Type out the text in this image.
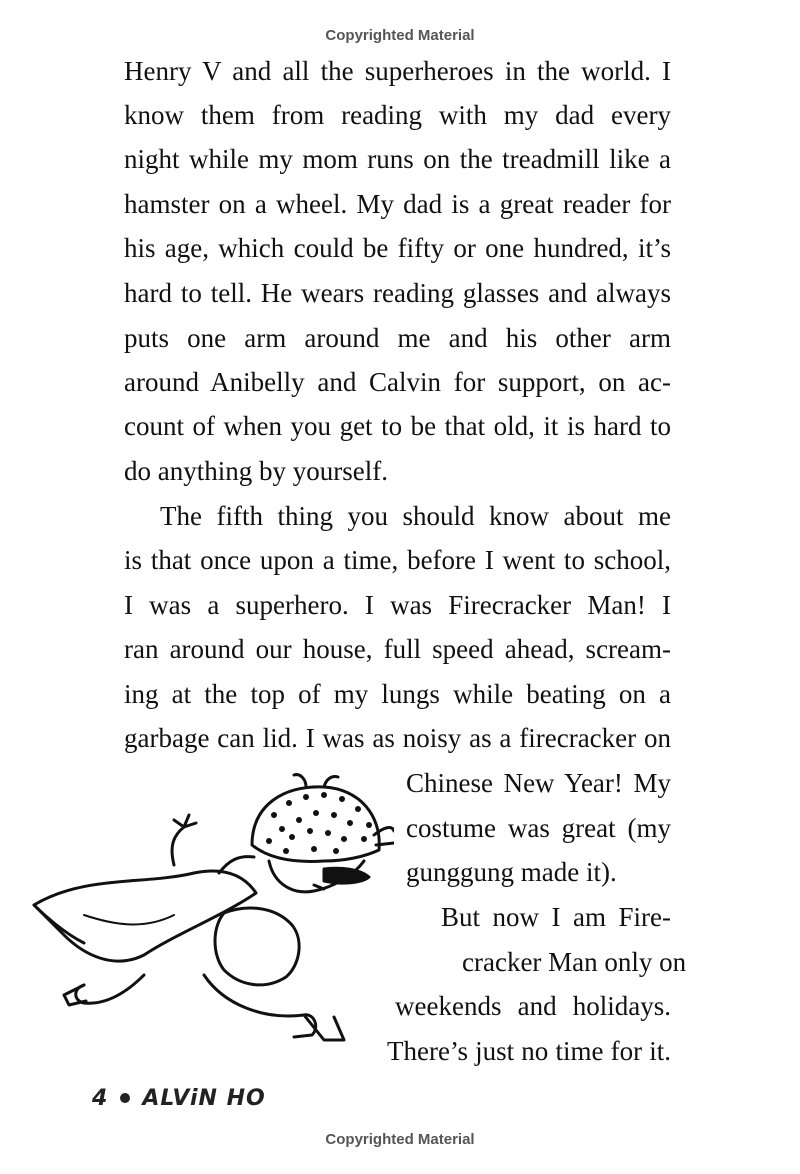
Copyrighted Material
Henry V and all the superheroes in the world. I
know them from reading with my dad every
night while my mom runs on the treadmill like a
hamster on a wheel. My dad is a great reader for
his age, which could be fifty or one hundred, it’s
hard to tell. He wears reading glasses and always
puts one arm around me and his other arm
around Anibelly and Calvin for support, on ac-
count of when you get to be that old, it is hard to
do anything by yourself.
The fifth thing you should know about me
is that once upon a time, before I went to school,
I was a superhero. I was Firecracker Man! I
ran around our house, full speed ahead, scream-
ing at the top of my lungs while beating on a
garbage can lid. I was as noisy as a firecracker on
Chinese New Year! My
costume was great (my
gunggung made it).
But now I am Fire-
cracker Man only on
weekends and holidays.
There’s just no time for it.
4 ALViN HO
Copyrighted Material
